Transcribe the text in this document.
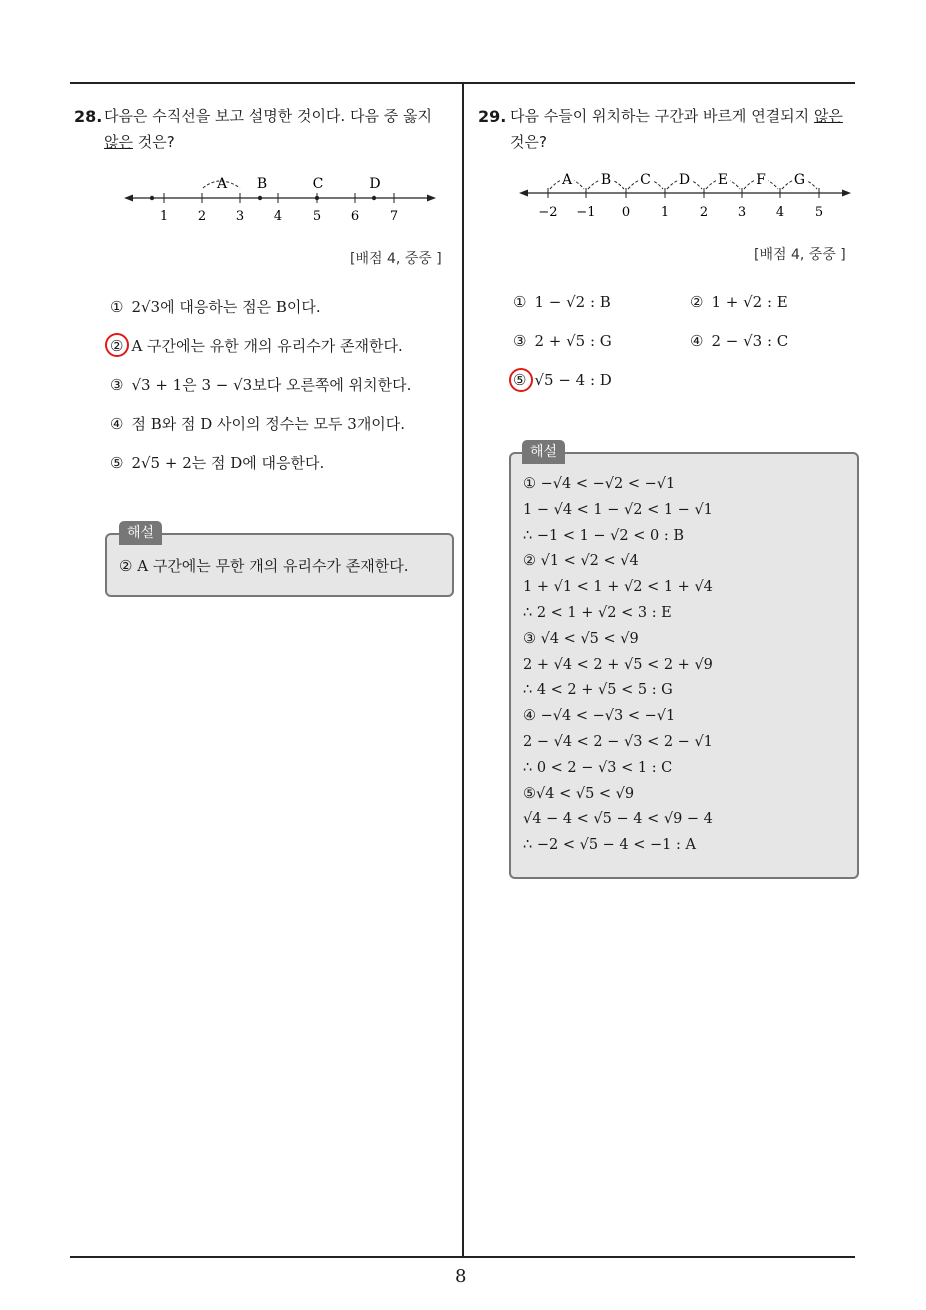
8
28. 다음은 수직선을 보고 설명한 것이다. 다음 중 옳지
않은 것은?
1 2 3 4 5 6 7
A B	C	D
[배점 4, 중중 ]
① 2√3에 대응하는 점은 B이다.
② A 구간에는 유한 개의 유리수가 존재한다.
③ √3 + 1은 3 − √3보다 오른쪽에 위치한다.
④ 점 B와 점 D 사이의 정수는 모두 3개이다.
⑤ 2√5 + 2는 점 D에 대응한다.
② A 구간에는 무한 개의 유리수가 존재한다.
해설
29. 다음 수들이 위치하는 구간과 바르게 연결되지 않은
것은?
−2 −1 0 1 2 3 4 5
A B C D E F G
[배점 4, 중중 ]
① 1 − √2 : B	② 1 + √2 : E
③ 2 + √5 : G	④ 2 − √3 : C
⑤ √5 − 4 : D
① −√4 < −√2 < −√1
1 − √4 < 1 − √2 < 1 − √1
∴ −1 < 1 − √2 < 0 : B
② √1 < √2 < √4
1 + √1 < 1 + √2 < 1 + √4
∴ 2 < 1 + √2 < 3 : E
③ √4 < √5 < √9
2 + √4 < 2 + √5 < 2 + √9
∴ 4 < 2 + √5 < 5 : G
④ −√4 < −√3 < −√1
2 − √4 < 2 − √3 < 2 − √1
∴ 0 < 2 − √3 < 1 : C
⑤√4 < √5 < √9
√4 − 4 < √5 − 4 < √9 − 4
∴ −2 < √5 − 4 < −1 : A
해설
